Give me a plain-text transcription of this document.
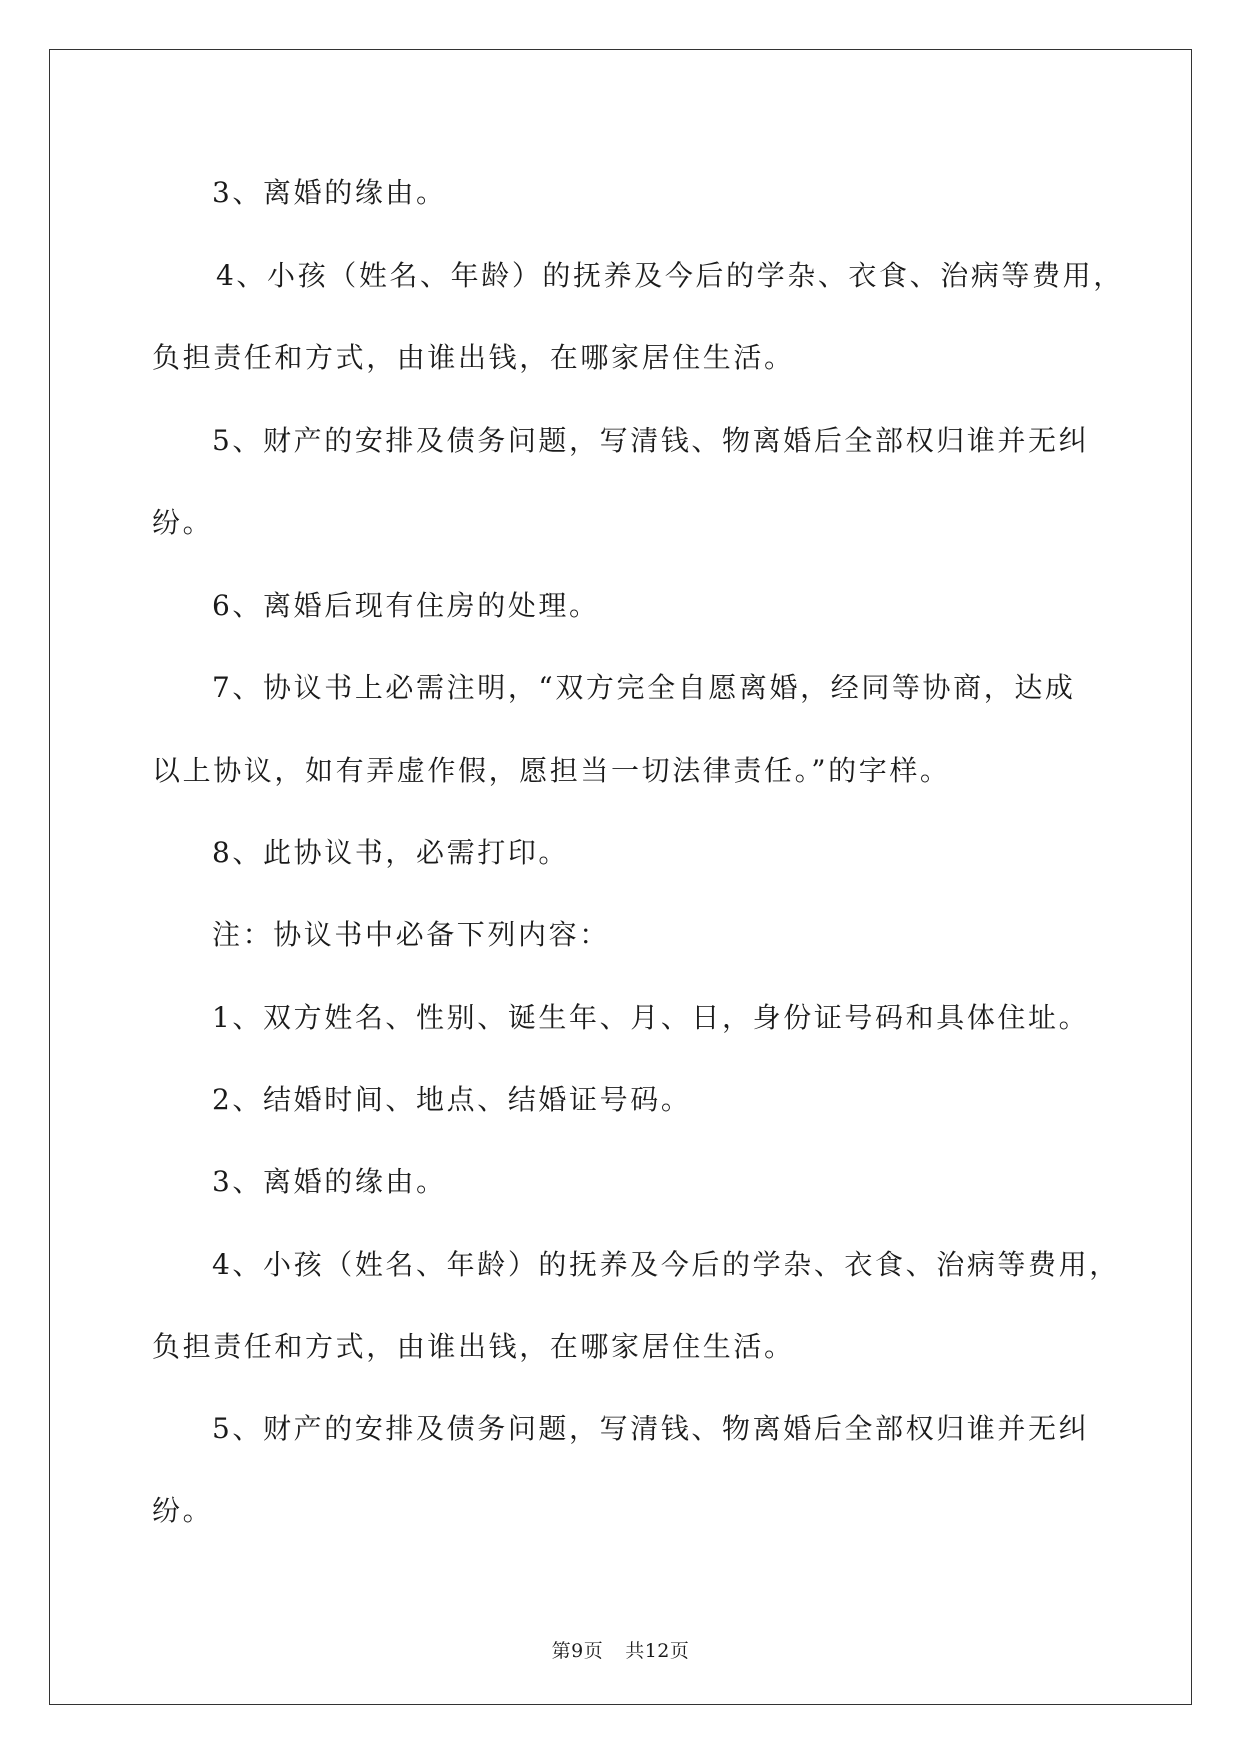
3、离婚的缘由。
4、小孩（姓名、年龄）的抚养及今后的学杂、衣食、治病等费用，
负担责任和方式，由谁出钱，在哪家居住生活。
5、财产的安排及债务问题，写清钱、物离婚后全部权归谁并无纠
纷。
6、离婚后现有住房的处理。
7、协议书上必需注明，“双方完全自愿离婚，经同等协商，达成
以上协议，如有弄虚作假，愿担当一切法律责任。”的字样。
8、此协议书，必需打印。
注：协议书中必备下列内容：
1、双方姓名、性别、诞生年、月、日，身份证号码和具体住址。
2、结婚时间、地点、结婚证号码。
3、离婚的缘由。
4、小孩（姓名、年龄）的抚养及今后的学杂、衣食、治病等费用，
负担责任和方式，由谁出钱，在哪家居住生活。
5、财产的安排及债务问题，写清钱、物离婚后全部权归谁并无纠
纷。
第9页 共12页
